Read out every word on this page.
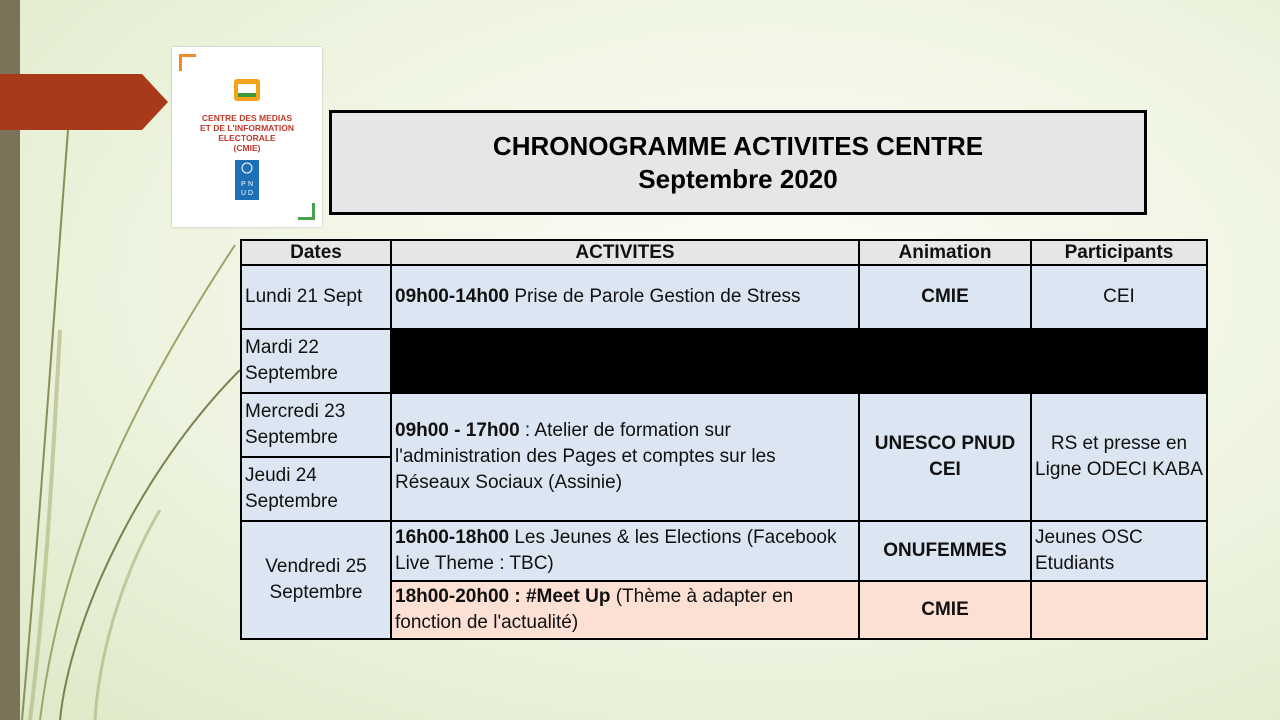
CENTRE DES MEDIAS
ET DE L'INFORMATION ELECTORALE
(CMIE)
P N
U D
CHRONOGRAMME ACTIVITES CENTRE
Septembre 2020
Dates	ACTIVITES	Animation	Participants
Lundi 21 Sept	09h00-14h00 Prise de Parole Gestion de Stress	CMIE	CEI
Mardi 22 Septembre			
Mercredi 23 Septembre	09h00 - 17h00 : Atelier de formation sur l'administration des Pages et comptes sur les Réseaux Sociaux (Assinie)	UNESCO PNUD CEI	RS et presse en Ligne ODECI KABA
Jeudi 24 Septembre			
Vendredi 25 Septembre	16h00-18h00 Les Jeunes & les Elections (Facebook Live Theme : TBC)	ONUFEMMES	Jeunes OSC Etudiants
	18h00-20h00 : #Meet Up (Thème à adapter en fonction de l'actualité)	CMIE	
